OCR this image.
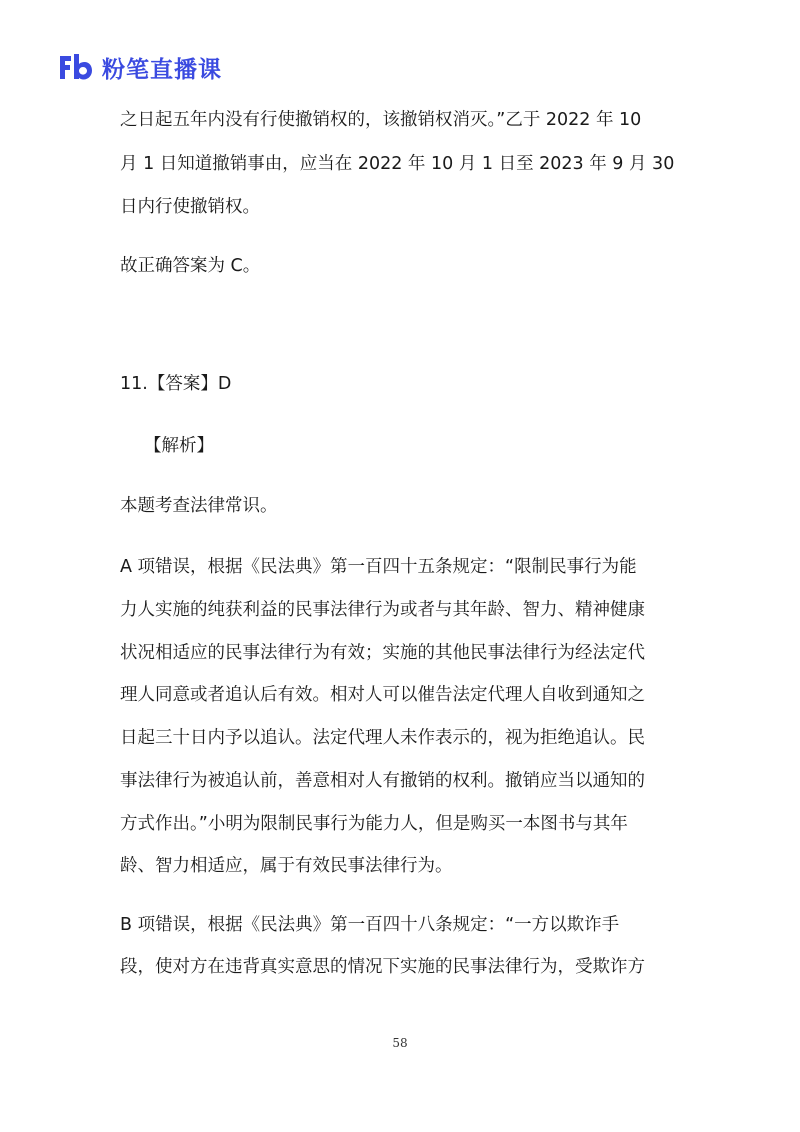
粉笔直播课
之日起五年内没有行使撤销权的，该撤销权消灭。”乙于 2022 年 10
月 1 日知道撤销事由，应当在 2022 年 10 月 1 日至 2023 年 9 月 30
日内行使撤销权。
故正确答案为 C。
11.【答案】D
【解析】
本题考查法律常识。
A 项错误，根据《民法典》第一百四十五条规定：“限制民事行为能
力人实施的纯获利益的民事法律行为或者与其年龄、智力、精神健康
状况相适应的民事法律行为有效；实施的其他民事法律行为经法定代
理人同意或者追认后有效。相对人可以催告法定代理人自收到通知之
日起三十日内予以追认。法定代理人未作表示的，视为拒绝追认。民
事法律行为被追认前，善意相对人有撤销的权利。撤销应当以通知的
方式作出。”小明为限制民事行为能力人，但是购买一本图书与其年
龄、智力相适应，属于有效民事法律行为。
B 项错误，根据《民法典》第一百四十八条规定：“一方以欺诈手
段，使对方在违背真实意思的情况下实施的民事法律行为，受欺诈方
58
